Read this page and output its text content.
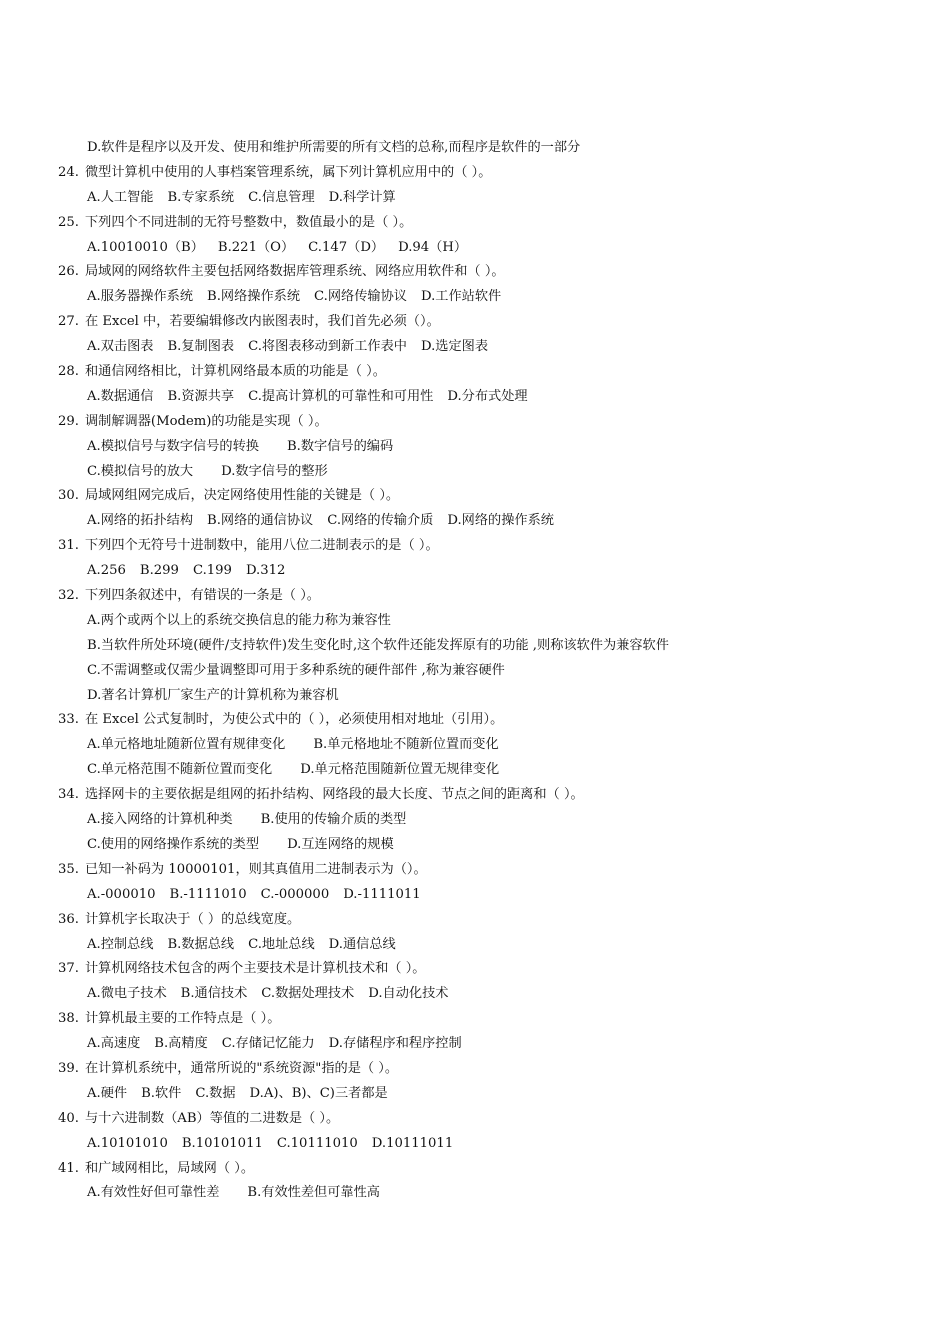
D.软件是程序以及开发、使用和维护所需要的所有文档的总称,而程序是软件的一部分
24. 微型计算机中使用的人事档案管理系统，属下列计算机应用中的（ ）。
A.人工智能 B.专家系统 C.信息管理 D.科学计算
25. 下列四个不同进制的无符号整数中，数值最小的是（ ）。
A.10010010（B） B.221（O） C.147（D） D.94（H）
26. 局域网的网络软件主要包括网络数据库管理系统、网络应用软件和（ ）。
A.服务器操作系统 B.网络操作系统 C.网络传输协议 D.工作站软件
27. 在 Excel 中，若要编辑修改内嵌图表时，我们首先必须（）。
A.双击图表 B.复制图表 C.将图表移动到新工作表中 D.选定图表
28. 和通信网络相比，计算机网络最本质的功能是（ ）。
A.数据通信 B.资源共享 C.提高计算机的可靠性和可用性 D.分布式处理
29. 调制解调器(Modem)的功能是实现（ ）。
A.模拟信号与数字信号的转换 B.数字信号的编码
C.模拟信号的放大 D.数字信号的整形
30. 局域网组网完成后，决定网络使用性能的关键是（ ）。
A.网络的拓扑结构 B.网络的通信协议 C.网络的传输介质 D.网络的操作系统
31. 下列四个无符号十进制数中，能用八位二进制表示的是（ ）。
A.256 B.299 C.199 D.312
32. 下列四条叙述中，有错误的一条是（ ）。
A.两个或两个以上的系统交换信息的能力称为兼容性
B.当软件所处环境(硬件/支持软件)发生变化时,这个软件还能发挥原有的功能 ,则称该软件为兼容软件
C.不需调整或仅需少量调整即可用于多种系统的硬件部件 ,称为兼容硬件
D.著名计算机厂家生产的计算机称为兼容机
33. 在 Excel 公式复制时，为使公式中的（ ），必须使用相对地址（引用）。
A.单元格地址随新位置有规律变化 B.单元格地址不随新位置而变化
C.单元格范围不随新位置而变化 D.单元格范围随新位置无规律变化
34. 选择网卡的主要依据是组网的拓扑结构、网络段的最大长度、节点之间的距离和（ ）。
A.接入网络的计算机种类 B.使用的传输介质的类型
C.使用的网络操作系统的类型 D.互连网络的规模
35. 已知一补码为 10000101，则其真值用二进制表示为（）。
A.-000010 B.-1111010 C.-000000 D.-1111011
36. 计算机字长取决于（ ）的总线宽度。
A.控制总线 B.数据总线 C.地址总线 D.通信总线
37. 计算机网络技术包含的两个主要技术是计算机技术和（ ）。
A.微电子技术 B.通信技术 C.数据处理技术 D.自动化技术
38. 计算机最主要的工作特点是（ ）。
A.高速度 B.高精度 C.存储记忆能力 D.存储程序和程序控制
39. 在计算机系统中，通常所说的"系统资源"指的是（ ）。
A.硬件 B.软件 C.数据 D.A)、B)、C)三者都是
40. 与十六进制数（AB）等值的二进数是（ ）。
A.10101010 B.10101011 C.10111010 D.10111011
41. 和广域网相比，局域网（ ）。
A.有效性好但可靠性差 B.有效性差但可靠性高
